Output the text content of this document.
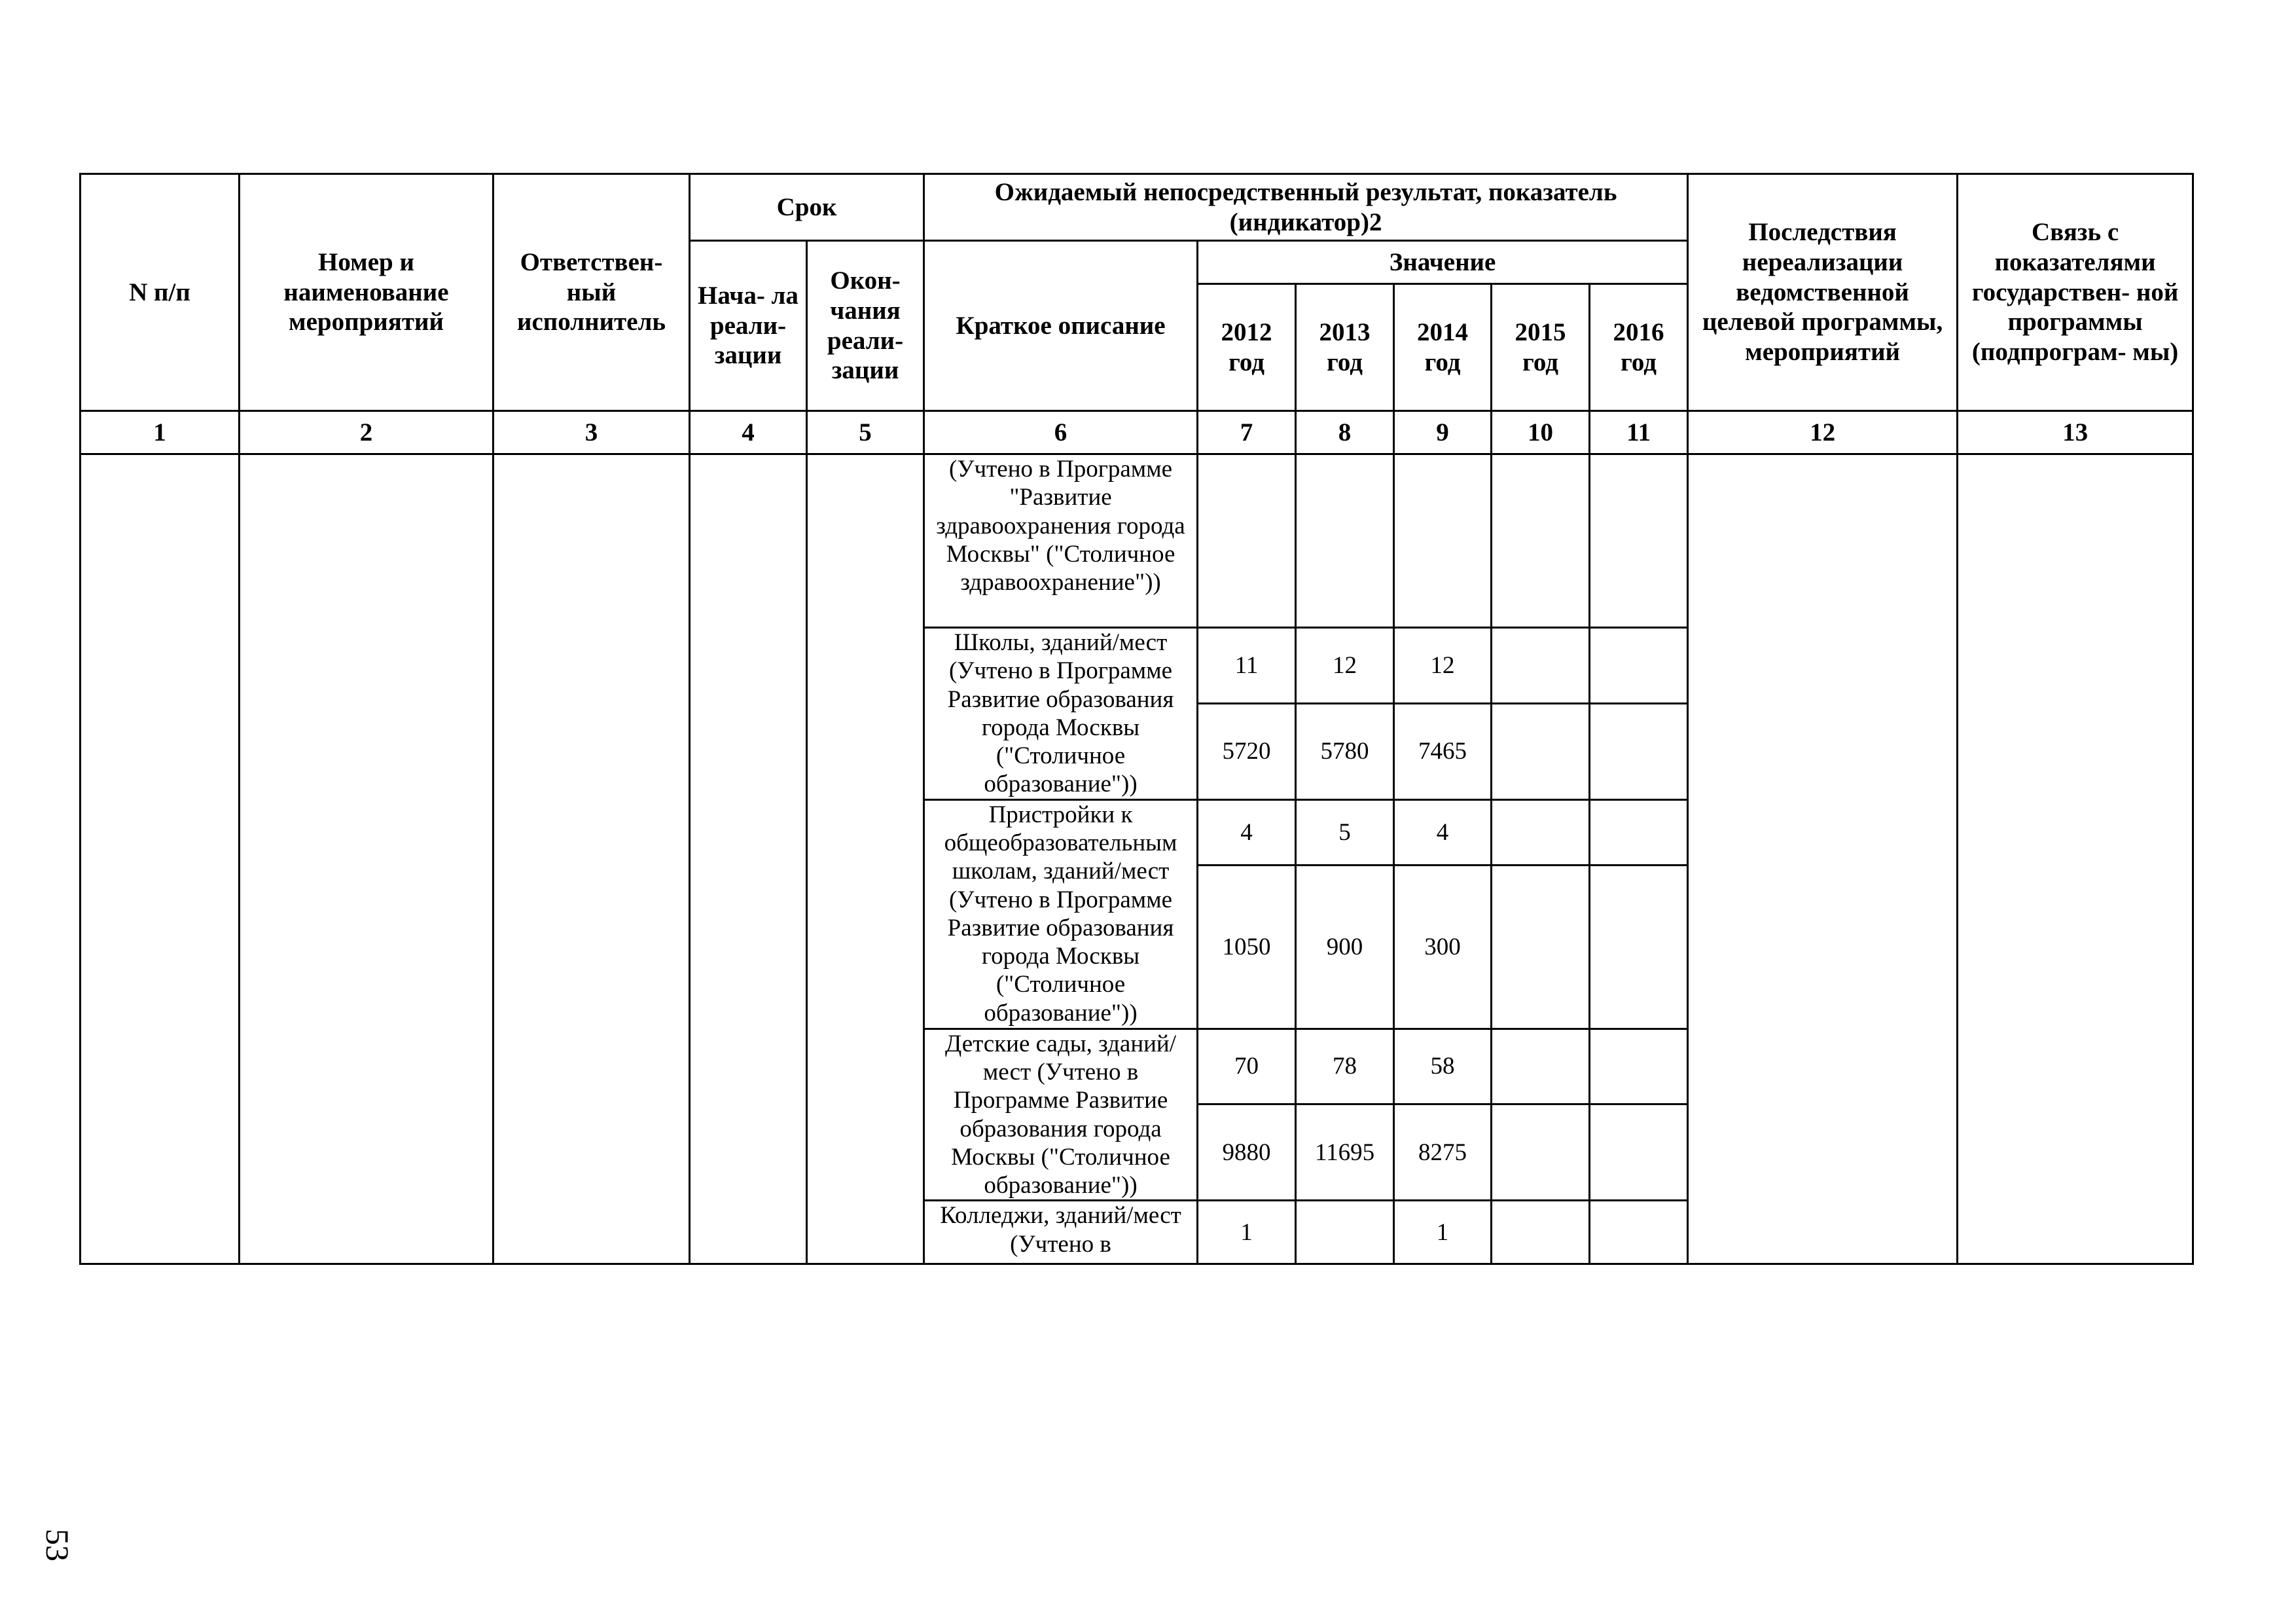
N п/п	Номер и наименование мероприятий	Ответствен- ный исполнитель	Срок		Ожидаемый непосредственный результат, показатель (индикатор)2						Последствия нереализации ведомственной целевой программы, мероприятий	Связь с показателями государствен- ной программы (подпрограм- мы)
			Нача- ла реали- зации	Окон- чания реали- зации	Краткое описание	Значение						
						2012 год	2013 год	2014 год	2015 год	2016 год		

1	2	3	4	5	6	7	8	9	10	11	12	13
					(Учтено в Программе "Развитие здравоохранения города Москвы" ("Столичное здравоохранение"))							
					Школы, зданий/мест (Учтено в Программе Развитие образования города Москвы ("Столичное образование"))	11	12	12				
						5720	5780	7465				
					Пристройки к общеобразовательным школам, зданий/мест (Учтено в Программе Развитие образования города Москвы ("Столичное образование"))	4	5	4				
						1050	900	300				
					Детские сады, зданий/мест (Учтено в Программе Развитие образования города Москвы ("Столичное образование"))	70	78	58				
						9880	11695	8275				
					Колледжи, зданий/мест (Учтено в	1		1				
53
